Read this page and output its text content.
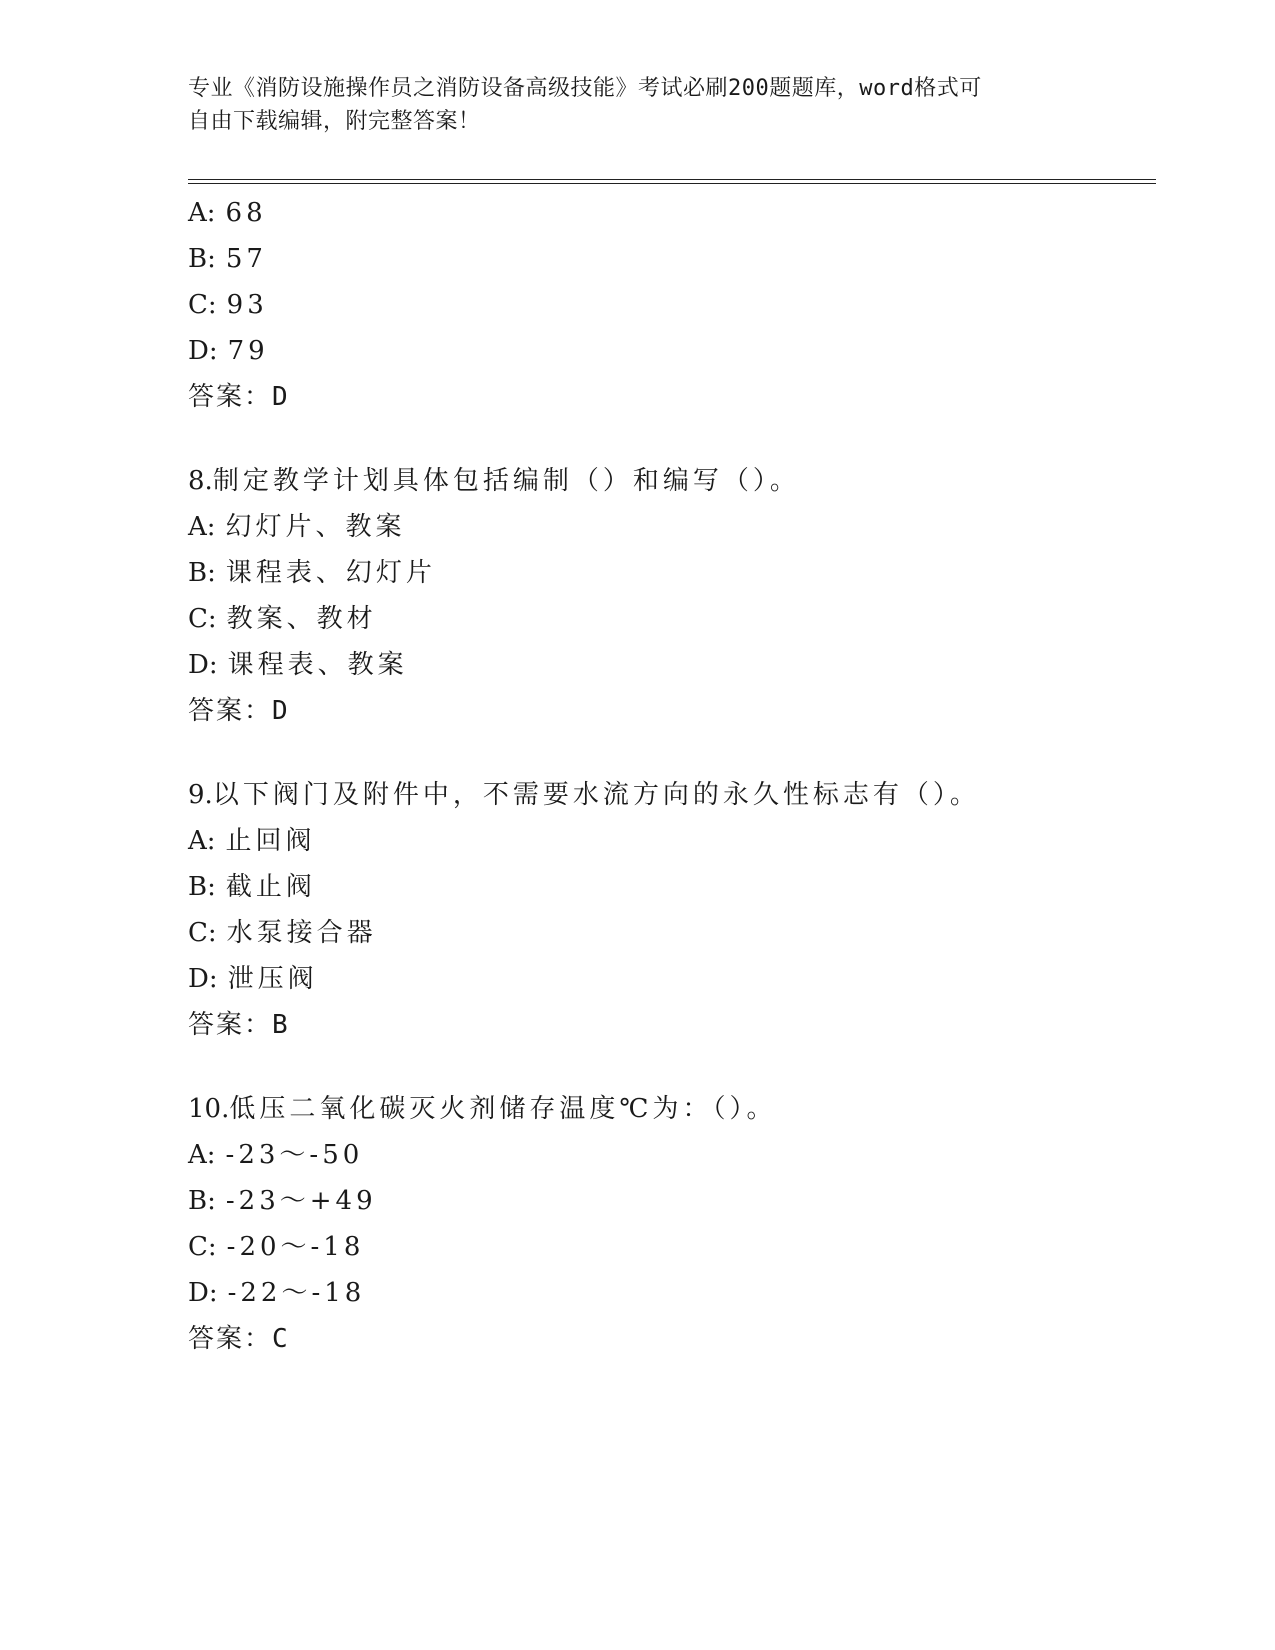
专业《消防设施操作员之消防设备高级技能》考试必刷200题题库，word格式可
自由下载编辑，附完整答案！
A: 68
B: 57
C: 93
D: 79
答案：D
8.制定教学计划具体包括编制（）和编写（）。
A: 幻灯片、教案
B: 课程表、幻灯片
C: 教案、教材
D: 课程表、教案
答案：D
9.以下阀门及附件中，不需要水流方向的永久性标志有（）。
A: 止回阀
B: 截止阀
C: 水泵接合器
D: 泄压阀
答案：B
10.低压二氧化碳灭火剂储存温度℃为：（）。
A: -23～-50
B: -23～+49
C: -20～-18
D: -22～-18
答案：C
